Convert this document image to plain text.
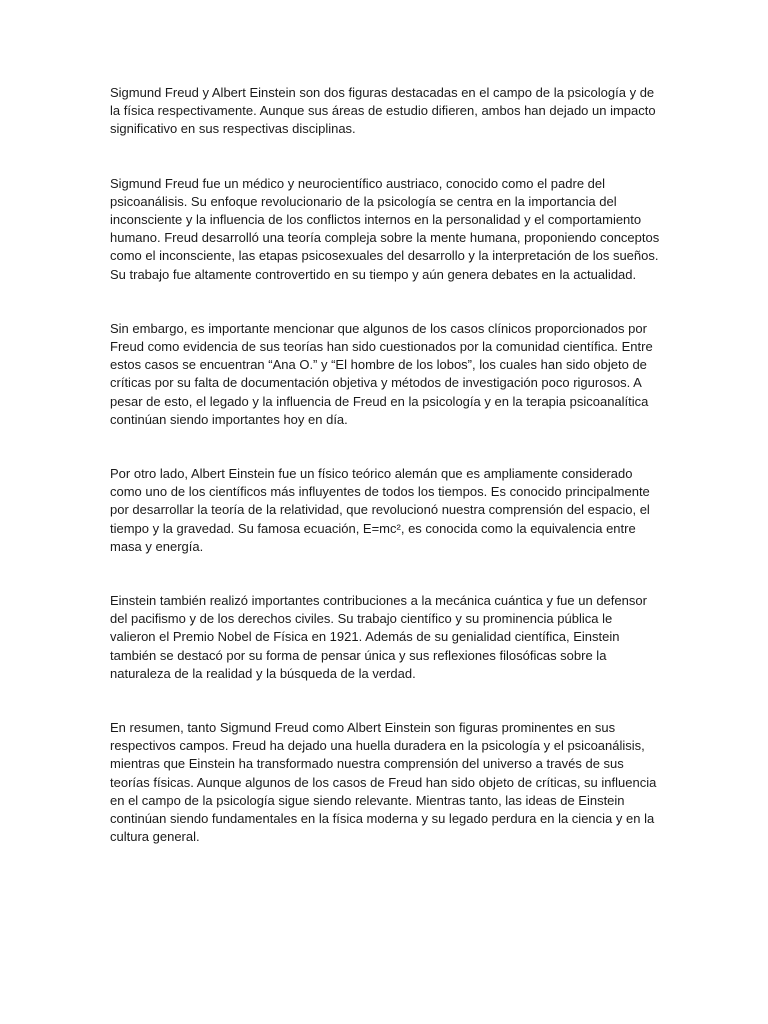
Sigmund Freud y Albert Einstein son dos figuras destacadas en el campo de la psicología y de la física respectivamente. Aunque sus áreas de estudio difieren, ambos han dejado un impacto significativo en sus respectivas disciplinas.

Sigmund Freud fue un médico y neurocientífico austriaco, conocido como el padre del psicoanálisis. Su enfoque revolucionario de la psicología se centra en la importancia del inconsciente y la influencia de los conflictos internos en la personalidad y el comportamiento humano. Freud desarrolló una teoría compleja sobre la mente humana, proponiendo conceptos como el inconsciente, las etapas psicosexuales del desarrollo y la interpretación de los sueños. Su trabajo fue altamente controvertido en su tiempo y aún genera debates en la actualidad.

Sin embargo, es importante mencionar que algunos de los casos clínicos proporcionados por Freud como evidencia de sus teorías han sido cuestionados por la comunidad científica. Entre estos casos se encuentran “Ana O.” y “El hombre de los lobos”, los cuales han sido objeto de críticas por su falta de documentación objetiva y métodos de investigación poco rigurosos. A pesar de esto, el legado y la influencia de Freud en la psicología y en la terapia psicoanalítica continúan siendo importantes hoy en día.

Por otro lado, Albert Einstein fue un físico teórico alemán que es ampliamente considerado como uno de los científicos más influyentes de todos los tiempos. Es conocido principalmente por desarrollar la teoría de la relatividad, que revolucionó nuestra comprensión del espacio, el tiempo y la gravedad. Su famosa ecuación, E=mc², es conocida como la equivalencia entre masa y energía.

Einstein también realizó importantes contribuciones a la mecánica cuántica y fue un defensor del pacifismo y de los derechos civiles. Su trabajo científico y su prominencia pública le valieron el Premio Nobel de Física en 1921. Además de su genialidad científica, Einstein también se destacó por su forma de pensar única y sus reflexiones filosóficas sobre la naturaleza de la realidad y la búsqueda de la verdad.

En resumen, tanto Sigmund Freud como Albert Einstein son figuras prominentes en sus respectivos campos. Freud ha dejado una huella duradera en la psicología y el psicoanálisis, mientras que Einstein ha transformado nuestra comprensión del universo a través de sus teorías físicas. Aunque algunos de los casos de Freud han sido objeto de críticas, su influencia en el campo de la psicología sigue siendo relevante. Mientras tanto, las ideas de Einstein continúan siendo fundamentales en la física moderna y su legado perdura en la ciencia y en la cultura general.
